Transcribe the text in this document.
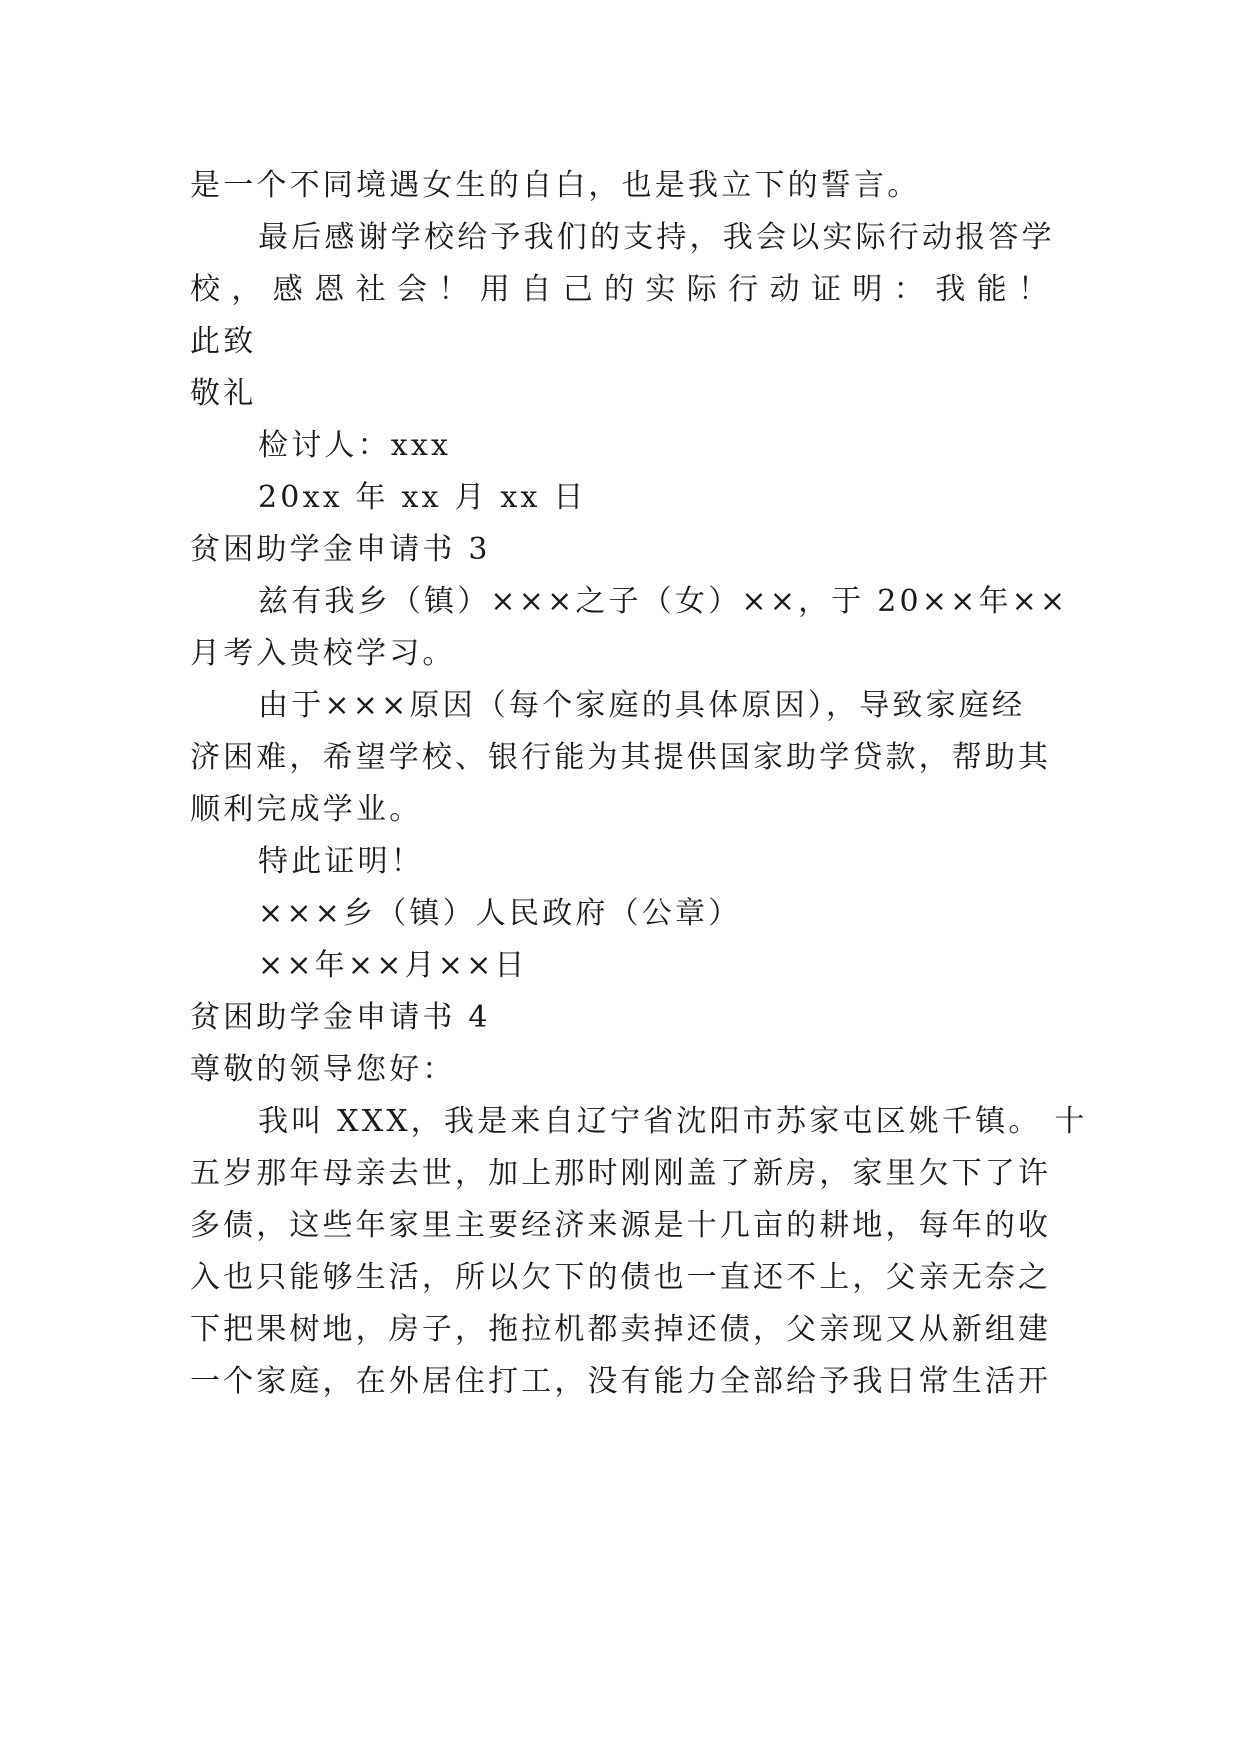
是一个不同境遇女生的自白，也是我立下的誓言。
最后感谢学校给予我们的支持，我会以实际行动报答学
校，感恩社会！用自己的实际行动证明：我能！
此致
敬礼
检讨人：xxx
20xx 年 xx 月 xx 日
贫困助学金申请书 3
兹有我乡（镇）×××之子（女）××，于 20××年××
月考入贵校学习。
由于×××原因（每个家庭的具体原因），导致家庭经
济困难，希望学校、银行能为其提供国家助学贷款，帮助其
顺利完成学业。
特此证明！
×××乡（镇）人民政府（公章）
××年××月××日
贫困助学金申请书 4
尊敬的领导您好：
我叫 XXX，我是来自辽宁省沈阳市苏家屯区姚千镇。 十
五岁那年母亲去世，加上那时刚刚盖了新房，家里欠下了许
多债，这些年家里主要经济来源是十几亩的耕地，每年的收
入也只能够生活，所以欠下的债也一直还不上，父亲无奈之
下把果树地，房子，拖拉机都卖掉还债，父亲现又从新组建
一个家庭，在外居住打工，没有能力全部给予我日常生活开
